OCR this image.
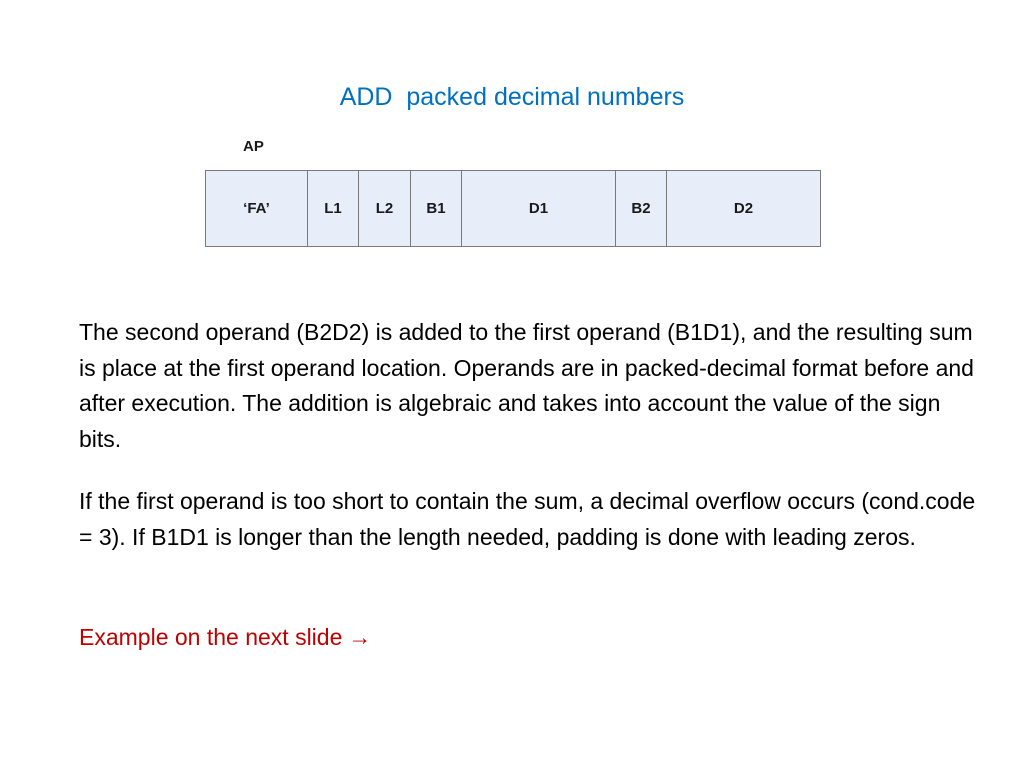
ADD  packed decimal numbers
AP
‘FA’	L1	L2	B1	D1	B2	D2

The second operand (B2D2) is added to the first operand (B1D1), and the resulting sum is place at the first operand location. Operands are in packed-decimal format before and after execution. The addition is algebraic and takes into account the value of the sign bits.

If the first operand is too short to contain the sum, a decimal overflow occurs (cond.code = 3). If B1D1 is longer than the length needed, padding is done with leading zeros.

Example on the next slide →
